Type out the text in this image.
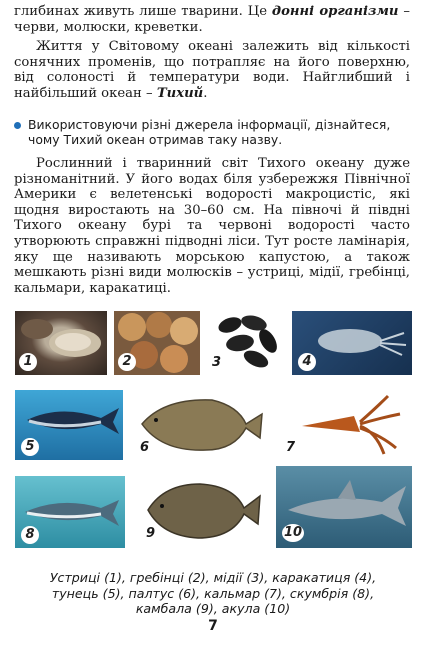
глибинах живуть лише тварини. Це донні організми – черви, молюски, креветки.

Життя у Світовому океані залежить від кількості сонячних променів, що потрапляє на його поверхню, від солоності й температури води. Найглибший і найбільший океан – Тихий.

Використовуючи різні джерела інформації, дізнайтеся, чому Тихий океан отримав таку назву.

Рослинний і тваринний світ Тихого океану дуже різноманітний. У його водах біля узбережжя Північної Америки є велетенські водорості макроцистіс, які щодня виростають на 30–60 см. На півночі й півдні Тихого океану бурі та червоні водорості часто утворюють справжні підводні ліси. Тут росте ламінарія, яку ще називають морською капустою, а також мешкають різні види молюсків – устриці, мідії, гребінці, кальмари, каракатиці.

1	2	3	4
5	6	7
8	9	10
Устриці (1), гребінці (2), мідії (3), каракатиця (4),
тунець (5), палтус (6), кальмар (7), скумбрія (8),
камбала (9), акула (10)
7
